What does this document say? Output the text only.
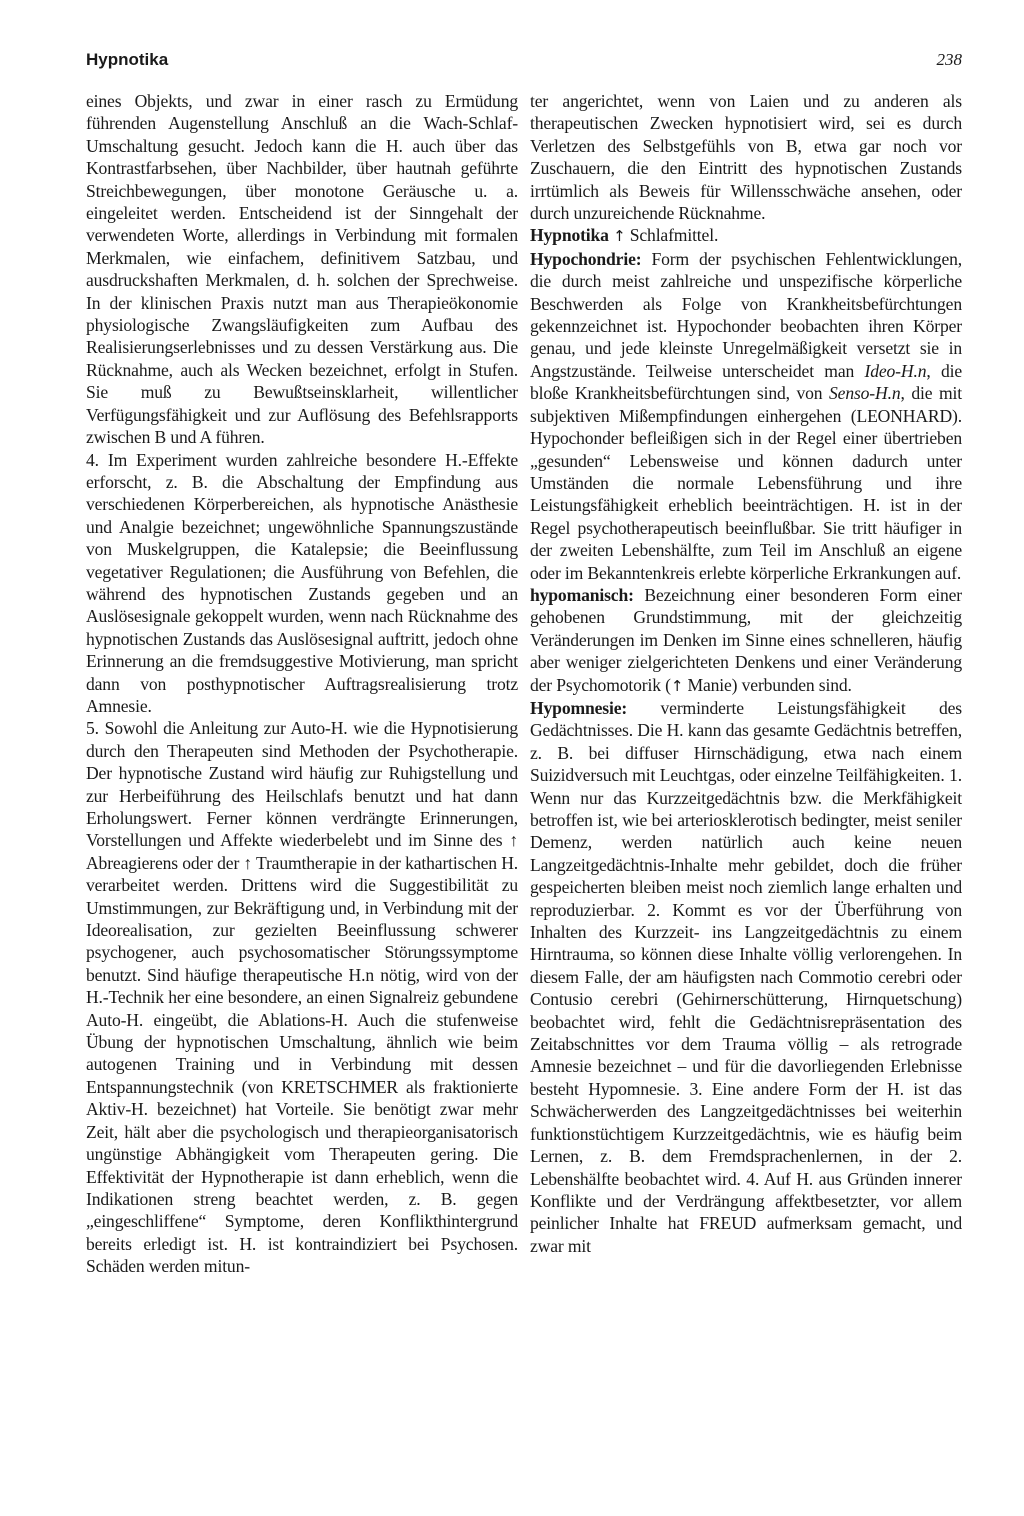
Hypnotika	238

eines Objekts, und zwar in einer rasch zu Ermüdung führenden Augenstellung Anschluß an die Wach-Schlaf-Umschaltung gesucht. Jedoch kann die H. auch über das Kontrastfarbsehen, über Nachbilder, über hautnah geführte Streichbewegungen, über monotone Geräusche u. a. eingeleitet werden. Entscheidend ist der Sinngehalt der verwendeten Worte, allerdings in Verbindung mit formalen Merkmalen, wie einfachem, definitivem Satzbau, und ausdruckshaften Merkmalen, d. h. solchen der Sprechweise. In der klinischen Praxis nutzt man aus Therapieökonomie physiologische Zwangsläufigkeiten zum Aufbau des Realisierungserlebnisses und zu dessen Verstärkung aus. Die Rücknahme, auch als Wecken bezeichnet, erfolgt in Stufen. Sie muß zu Bewußtseinsklarheit, willentlicher Verfügungsfähigkeit und zur Auflösung des Befehlsrapports zwischen B und A führen.

4. Im Experiment wurden zahlreiche besondere H.-Effekte erforscht, z. B. die Abschaltung der Empfindung aus verschiedenen Körperbereichen, als hypnotische Anästhesie und Analgie bezeichnet; ungewöhnliche Spannungszustände von Muskelgruppen, die Katalepsie; die Beeinflussung vegetativer Regulationen; die Ausführung von Befehlen, die während des hypnotischen Zustands gegeben und an Auslösesignale gekoppelt wurden, wenn nach Rücknahme des hypnotischen Zustands das Auslösesignal auftritt, jedoch ohne Erinnerung an die fremdsuggestive Motivierung, man spricht dann von posthypnotischer Auftragsrealisierung trotz Amnesie.

5. Sowohl die Anleitung zur Auto-H. wie die Hypnotisierung durch den Therapeuten sind Methoden der Psychotherapie. Der hypnotische Zustand wird häufig zur Ruhigstellung und zur Herbeiführung des Heilschlafs benutzt und hat dann Erholungswert. Ferner können verdrängte Erinnerungen, Vorstellungen und Affekte wiederbelebt und im Sinne des ↑ Abreagierens oder der ↑ Traumtherapie in der kathartischen H. verarbeitet werden. Drittens wird die Suggestibilität zu Umstimmungen, zur Bekräftigung und, in Verbindung mit der Ideorealisation, zur gezielten Beeinflussung schwerer psychogener, auch psychosomatischer Störungssymptome benutzt. Sind häufige therapeutische H.n nötig, wird von der H.-Technik her eine besondere, an einen Signalreiz gebundene Auto-H. eingeübt, die Ablations-H. Auch die stufenweise Übung der hypnotischen Umschaltung, ähnlich wie beim autogenen Training und in Verbindung mit dessen Entspannungstechnik (von KRETSCHMER als fraktionierte Aktiv-H. bezeichnet) hat Vorteile. Sie benötigt zwar mehr Zeit, hält aber die psychologisch und therapieorganisatorisch ungünstige Abhängigkeit vom Therapeuten gering. Die Effektivität der Hypnotherapie ist dann erheblich, wenn die Indikationen streng beachtet werden, z. B. gegen „eingeschliffene“ Symptome, deren Konflikthintergrund bereits erledigt ist. H. ist kontraindiziert bei Psychosen. Schäden werden mitun-

ter angerichtet, wenn von Laien und zu anderen als therapeutischen Zwecken hypnotisiert wird, sei es durch Verletzen des Selbstgefühls von B, etwa gar noch vor Zuschauern, die den Eintritt des hypnotischen Zustands irrtümlich als Beweis für Willensschwäche ansehen, oder durch unzureichende Rücknahme.

Hypnotika ↑ Schlafmittel.

Hypochondrie: Form der psychischen Fehlentwicklungen, die durch meist zahlreiche und unspezifische körperliche Beschwerden als Folge von Krankheitsbefürchtungen gekennzeichnet ist. Hypochonder beobachten ihren Körper genau, und jede kleinste Unregelmäßigkeit versetzt sie in Angstzustände. Teilweise unterscheidet man Ideo-H.n, die bloße Krankheitsbefürchtungen sind, von Senso-H.n, die mit subjektiven Mißempfindungen einhergehen (LEONHARD). Hypochonder befleißigen sich in der Regel einer übertrieben „gesunden“ Lebensweise und können dadurch unter Umständen die normale Lebensführung und ihre Leistungsfähigkeit erheblich beeinträchtigen. H. ist in der Regel psychotherapeutisch beeinflußbar. Sie tritt häufiger in der zweiten Lebenshälfte, zum Teil im Anschluß an eigene oder im Bekanntenkreis erlebte körperliche Erkrankungen auf.

hypomanisch: Bezeichnung einer besonderen Form einer gehobenen Grundstimmung, mit der gleichzeitig Veränderungen im Denken im Sinne eines schnelleren, häufig aber weniger zielgerichteten Denkens und einer Veränderung der Psychomotorik (↑ Manie) verbunden sind.

Hypomnesie: verminderte Leistungsfähigkeit des Gedächtnisses. Die H. kann das gesamte Gedächtnis betreffen, z. B. bei diffuser Hirnschädigung, etwa nach einem Suizidversuch mit Leuchtgas, oder einzelne Teilfähigkeiten. 1. Wenn nur das Kurzzeitgedächtnis bzw. die Merkfähigkeit betroffen ist, wie bei arteriosklerotisch bedingter, meist seniler Demenz, werden natürlich auch keine neuen Langzeitgedächtnis-Inhalte mehr gebildet, doch die früher gespeicherten bleiben meist noch ziemlich lange erhalten und reproduzierbar. 2. Kommt es vor der Überführung von Inhalten des Kurzzeit- ins Langzeitgedächtnis zu einem Hirntrauma, so können diese Inhalte völlig verlorengehen. In diesem Falle, der am häufigsten nach Commotio cerebri oder Contusio cerebri (Gehirnerschütterung, Hirnquetschung) beobachtet wird, fehlt die Gedächtnisrepräsentation des Zeitabschnittes vor dem Trauma völlig – als retrograde Amnesie bezeichnet – und für die davorliegenden Erlebnisse besteht Hypomnesie. 3. Eine andere Form der H. ist das Schwächerwerden des Langzeitgedächtnisses bei weiterhin funktionstüchtigem Kurzzeitgedächtnis, wie es häufig beim Lernen, z. B. dem Fremdsprachenlernen, in der 2. Lebenshälfte beobachtet wird. 4. Auf H. aus Gründen innerer Konflikte und der Verdrängung affektbesetzter, vor allem peinlicher Inhalte hat FREUD aufmerksam gemacht, und zwar mit
